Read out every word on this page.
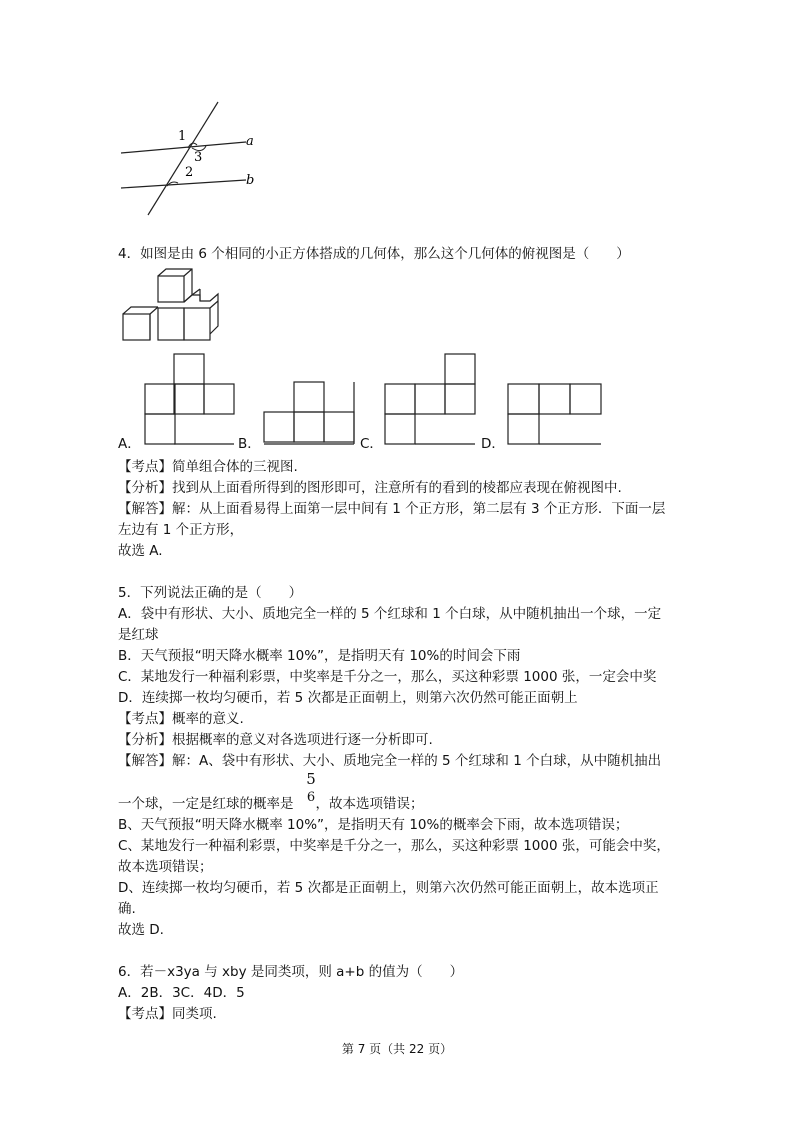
1
3
2
a
b
4．如图是由 6 个相同的小正方体搭成的几何体，那么这个几何体的俯视图是（　　）
A．	B．	C．	D．
【考点】简单组合体的三视图.
【分析】找到从上面看所得到的图形即可，注意所有的看到的棱都应表现在俯视图中.
【解答】解：从上面看易得上面第一层中间有 1 个正方形，第二层有 3 个正方形．下面一层
左边有 1 个正方形，
故选 A.
5．下列说法正确的是（　　）
A．袋中有形状、大小、质地完全一样的 5 个红球和 1 个白球，从中随机抽出一个球，一定
是红球
B．天气预报“明天降水概率 10%”，是指明天有 10%的时间会下雨
C．某地发行一种福利彩票，中奖率是千分之一，那么，买这种彩票 1000 张，一定会中奖
D．连续掷一枚均匀硬币，若 5 次都是正面朝上，则第六次仍然可能正面朝上
【考点】概率的意义.
【分析】根据概率的意义对各选项进行逐一分析即可.
【解答】解：A、袋中有形状、大小、质地完全一样的 5 个红球和 1 个白球，从中随机抽出
一个球，一定是红球的概率是 ，故本选项错误；
5
6
B、天气预报“明天降水概率 10%”，是指明天有 10%的概率会下雨，故本选项错误；
C、某地发行一种福利彩票，中奖率是千分之一，那么，买这种彩票 1000 张，可能会中奖，
故本选项错误；
D、连续掷一枚均匀硬币，若 5 次都是正面朝上，则第六次仍然可能正面朝上，故本选项正
确.
故选 D.
6．若－x3ya 与 xby 是同类项，则 a+b 的值为（　　）
A．2B．3C．4D．5
【考点】同类项.
第 7 页（共 22 页）
